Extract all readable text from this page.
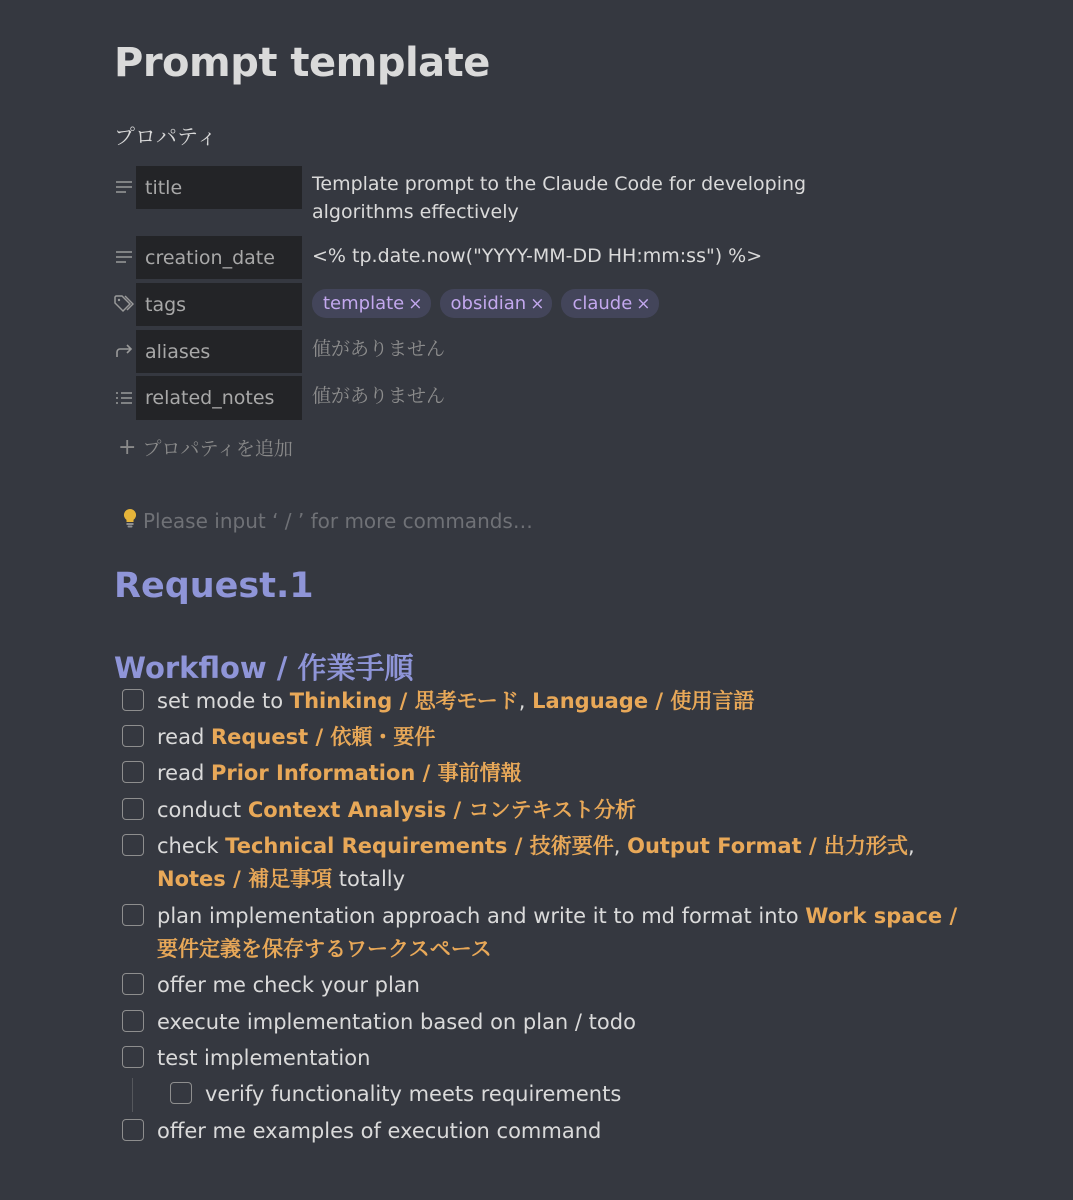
Prompt template
プロパティ
title	Template prompt to the Claude Code for developing algorithms effectively
creation_date	<% tp.date.now("YYYY-MM-DD HH:mm:ss") %>
tags	template × obsidian × claude ×
aliases	値がありません
related_notes	値がありません
+ プロパティを追加
Please input ‘ / ’ for more commands…
Request.1
Workflow / 作業手順
set mode to Thinking / 思考モード, Language / 使用言語
read Request / 依頼・要件
read Prior Information / 事前情報
conduct Context Analysis / コンテキスト分析
check Technical Requirements / 技術要件, Output Format / 出力形式, Notes / 補足事項 totally
plan implementation approach and write it to md format into Work space / 要件定義を保存するワークスペース
offer me check your plan
execute implementation based on plan / todo
test implementation
verify functionality meets requirements
offer me examples of execution command
